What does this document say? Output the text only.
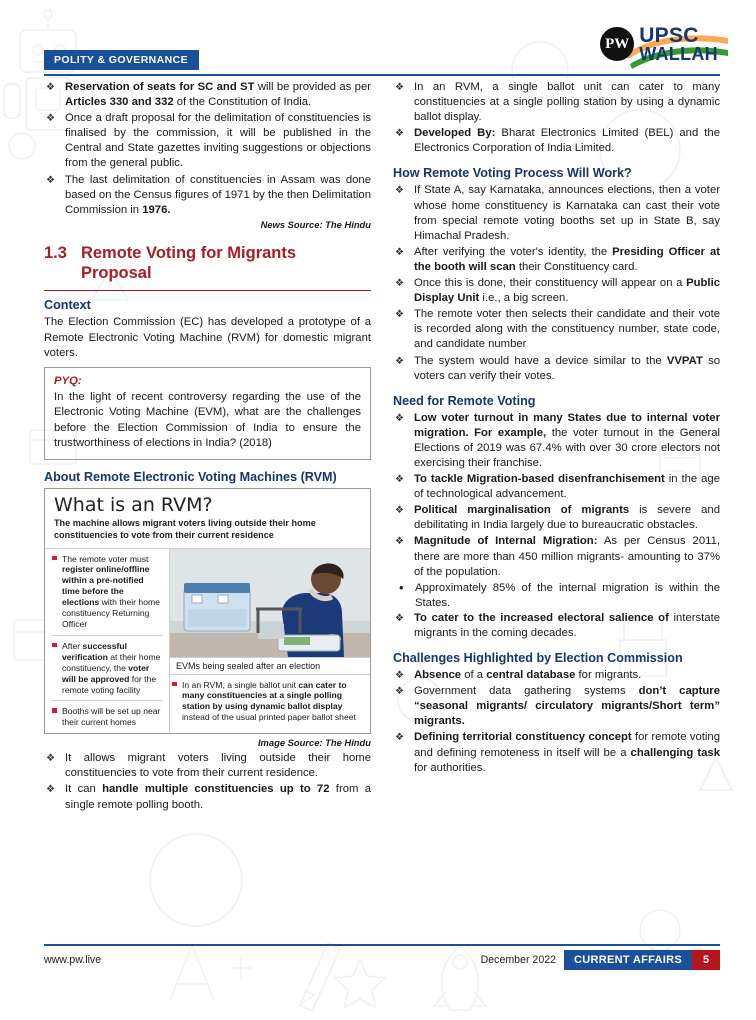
POLITY & GOVERNANCE
PW UPSC
WALLAH
❖ Reservation of seats for SC and ST will be provided as per Articles 330 and 332 of the Constitution of India.
❖ Once a draft proposal for the delimitation of constituencies is finalised by the commission, it will be published in the Central and State gazettes inviting suggestions or objections from the general public.
❖ The last delimitation of constituencies in Assam was done based on the Census figures of 1971 by the then Delimitation Commission in 1976.
News Source: The Hindu
1.3 Remote Voting for Migrants Proposal
Context

The Election Commission (EC) has developed a prototype of a Remote Electronic Voting Machine (RVM) for domestic migrant voters.

PYQ:
In the light of recent controversy regarding the use of the Electronic Voting Machine (EVM), what are the challenges before the Election Commission of India to ensure the trustworthiness of elections in India? (2018)
About Remote Electronic Voting Machines (RVM)
What is an RVM?
The machine allows migrant voters living outside their home constituencies to vote from their current residence
The remote voter must register online/offline within a pre-notified time before the elections with their home constituency Returning Officer
After successful verification at their home constituency, the voter will be approved for the remote voting facility
Booths will be set up near their current homes
EVMs being sealed after an election
In an RVM, a single ballot unit can cater to many constituencies at a single polling station by using dynamic ballot display instead of the usual printed paper ballot sheet
Image Source: The Hindu
❖ It allows migrant voters living outside their home constituencies to vote from their current residence.
❖ It can handle multiple constituencies up to 72 from a single remote polling booth.
❖ In an RVM, a single ballot unit can cater to many constituencies at a single polling station by using a dynamic ballot display.
❖ Developed By: Bharat Electronics Limited (BEL) and the Electronics Corporation of India Limited.
How Remote Voting Process Will Work?
❖ If State A, say Karnataka, announces elections, then a voter whose home constituency is Karnataka can cast their vote from special remote voting booths set up in State B, say Himachal Pradesh.
❖ After verifying the voter's identity, the Presiding Officer at the booth will scan their Constituency card.
❖ Once this is done, their constituency will appear on a Public Display Unit i.e., a big screen.
❖ The remote voter then selects their candidate and their vote is recorded along with the constituency number, state code, and candidate number
❖ The system would have a device similar to the VVPAT so voters can verify their votes.
Need for Remote Voting
❖ Low voter turnout in many States due to internal voter migration. For example, the voter turnout in the General Elections of 2019 was 67.4% with over 30 crore electors not exercising their franchise.
❖ To tackle Migration-based disenfranchisement in the age of technological advancement.
❖ Political marginalisation of migrants is severe and debilitating in India largely due to bureaucratic obstacles.
❖ Magnitude of Internal Migration: As per Census 2011, there are more than 450 million migrants- amounting to 37% of the population.
• Approximately 85% of the internal migration is within the States.
❖ To cater to the increased electoral salience of interstate migrants in the coming decades.
Challenges Highlighted by Election Commission
❖ Absence of a central database for migrants.
❖ Government data gathering systems don’t capture “seasonal migrants/ circulatory migrants/Short term” migrants.
❖ Defining territorial constituency concept for remote voting and defining remoteness in itself will be a challenging task for authorities.
www.pw.live	December 2022	CURRENT AFFAIRS	5
